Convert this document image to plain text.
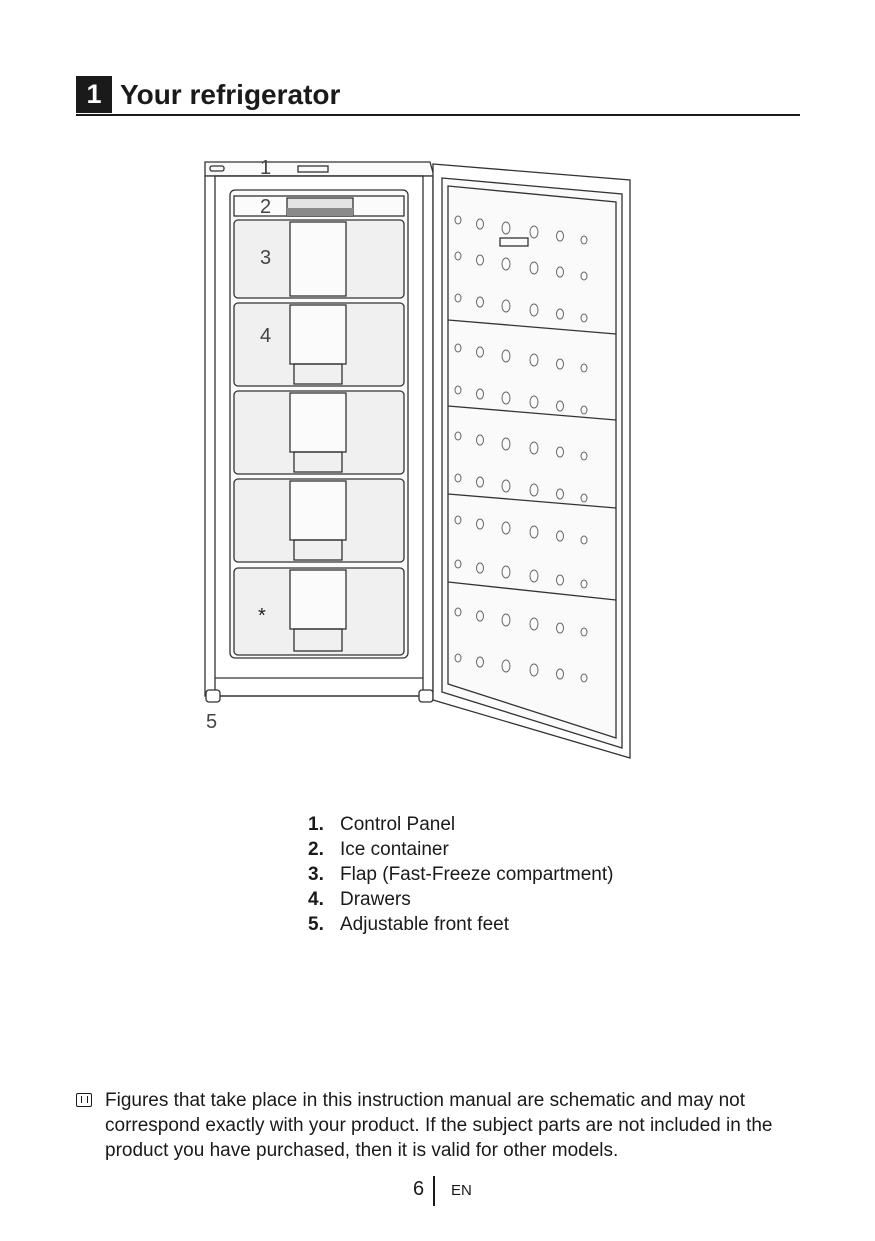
1 Your refrigerator
1
2
3
4
*
5
1. Control Panel
2. Ice container
3. Flap (Fast-Freeze compartment)
4. Drawers
5. Adjustable front feet
Figures that take place in this instruction manual are schematic and may not correspond exactly with your product. If the subject parts are not included in the product you have purchased, then it is valid for other models.
6 EN
